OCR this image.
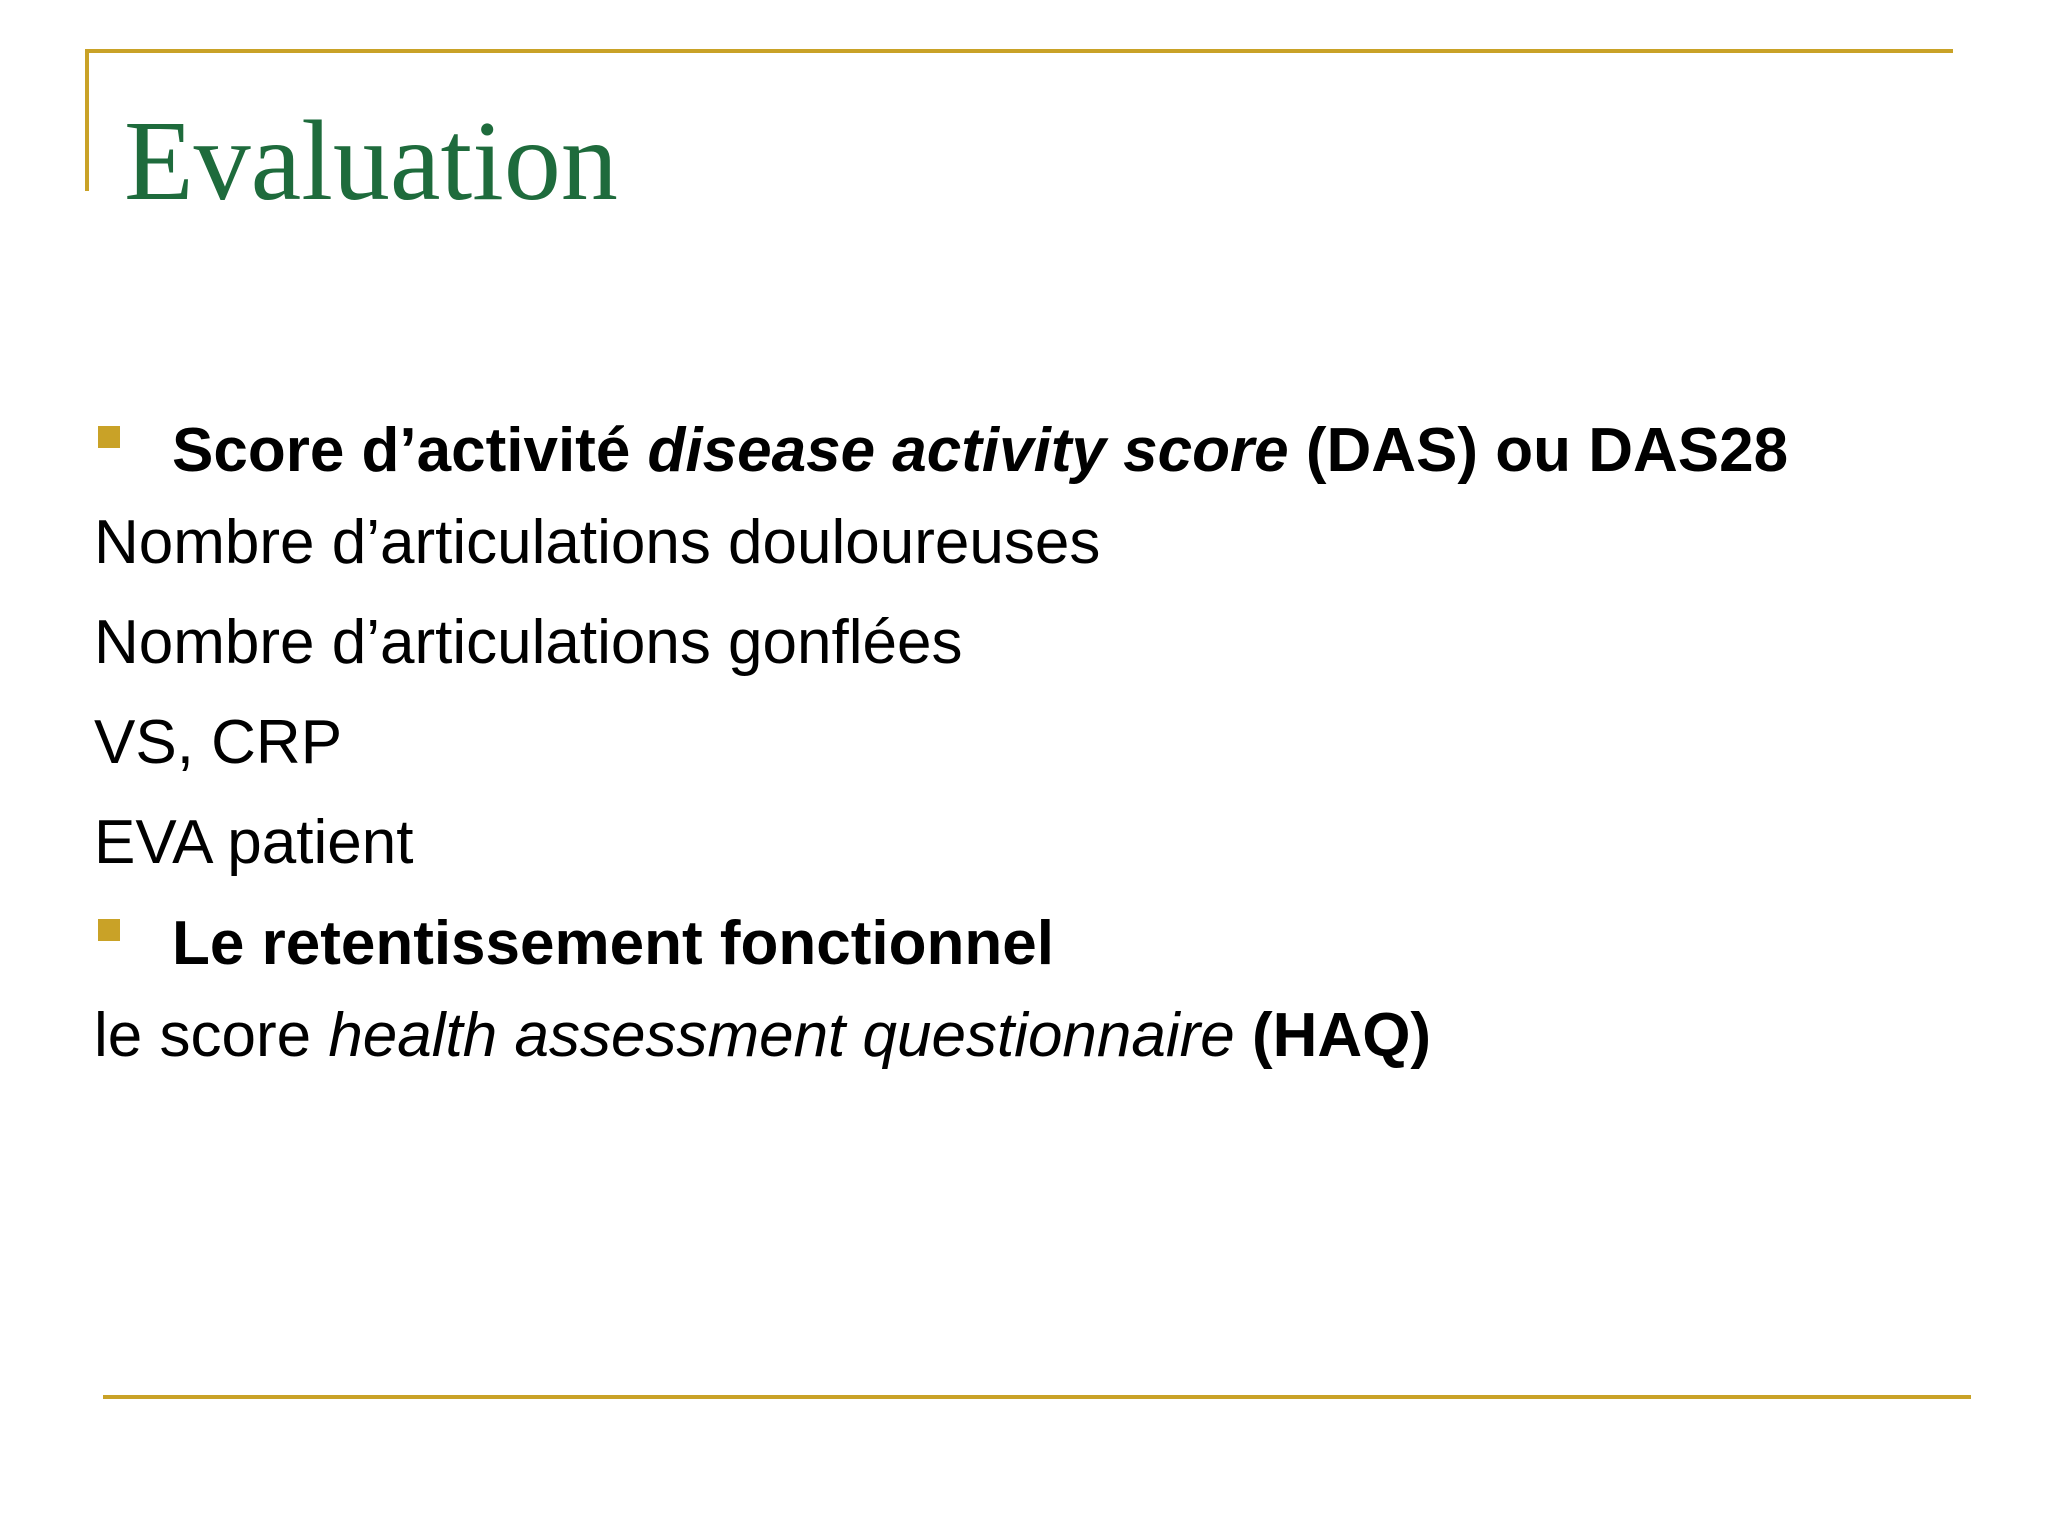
Evaluation
Score d’activité disease activity score (DAS) ou DAS28
Nombre d’articulations douloureuses
Nombre d’articulations gonflées
VS, CRP
EVA patient
Le retentissement fonctionnel
le score health assessment questionnaire (HAQ)
